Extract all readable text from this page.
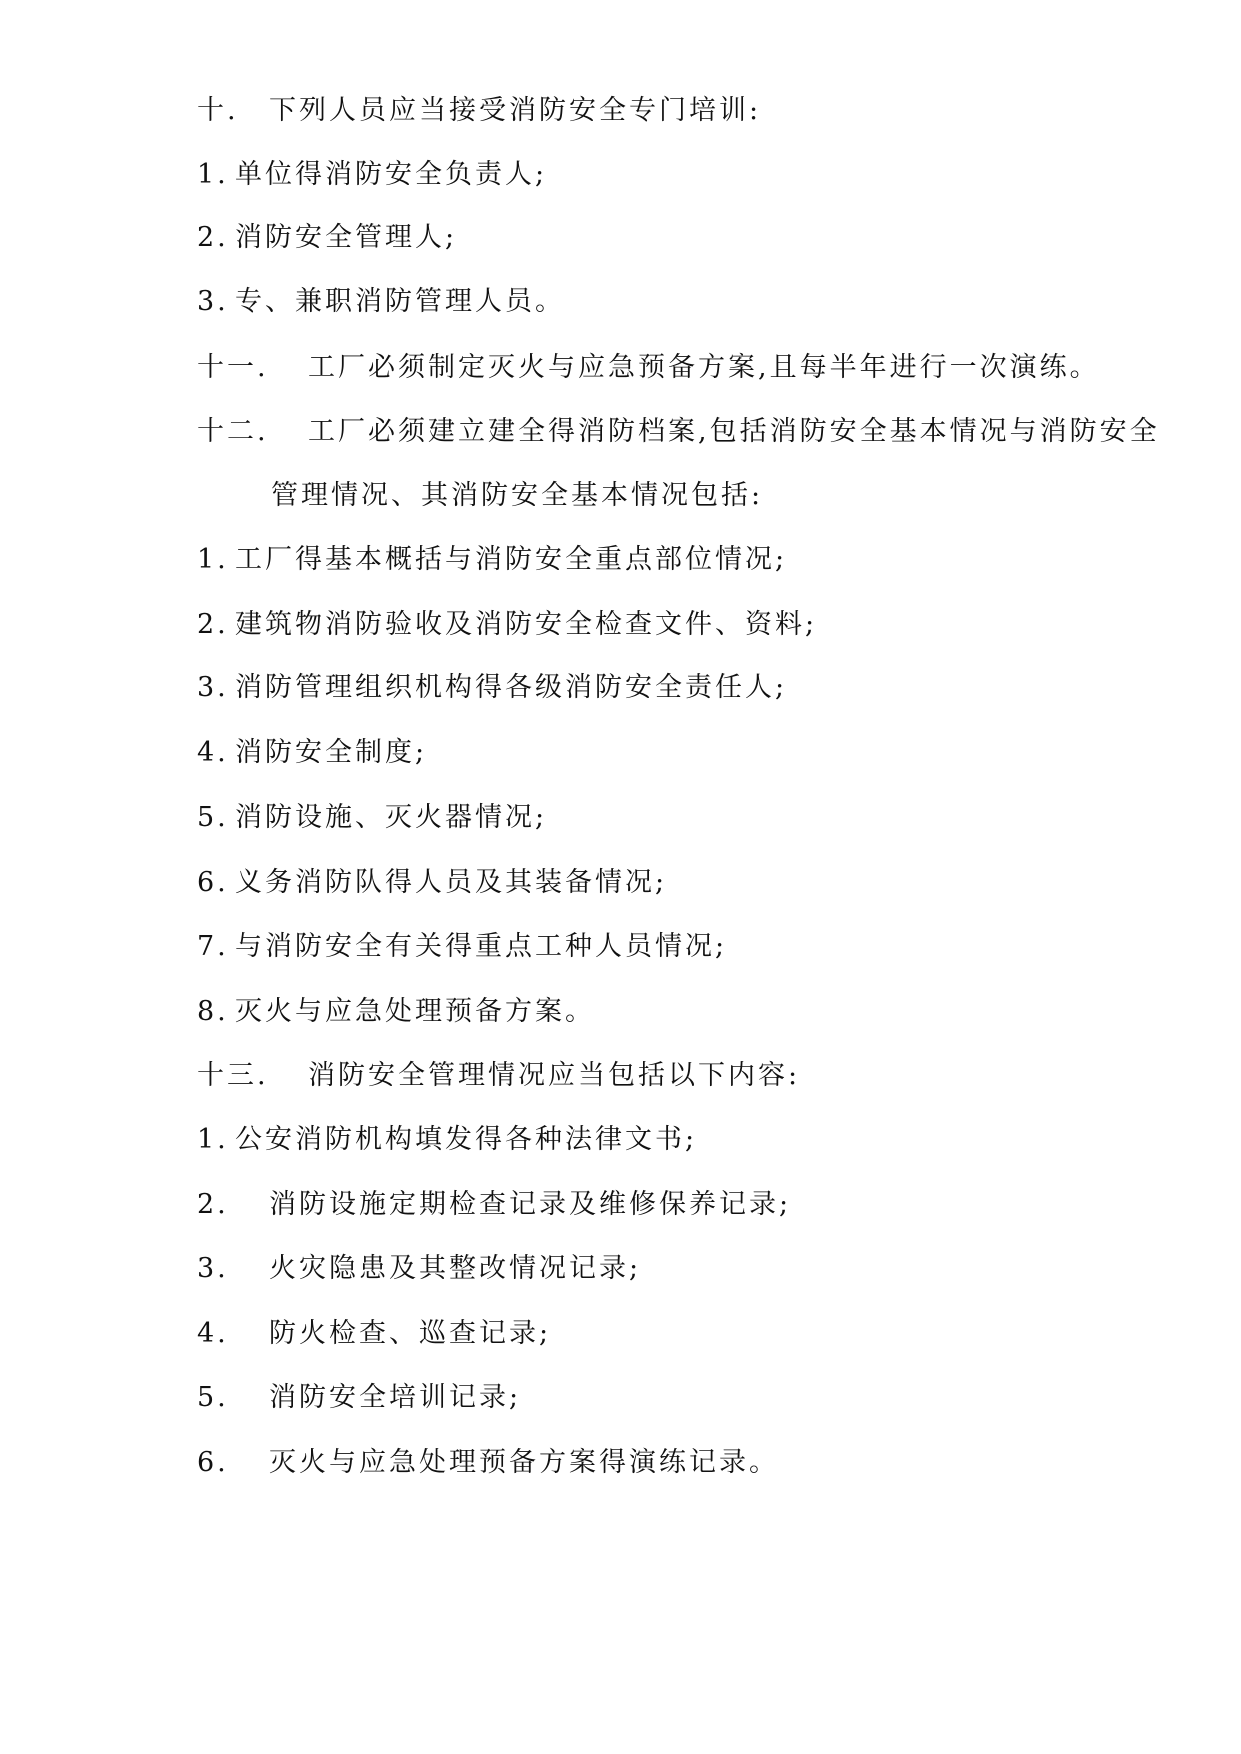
十. 下列人员应当接受消防安全专门培训:
1. 单位得消防安全负责人;
2. 消防安全管理人;
3. 专、兼职消防管理人员。
十一. 工厂必须制定灭火与应急预备方案,且每半年进行一次演练。
十二. 工厂必须建立建全得消防档案,包括消防安全基本情况与消防安全
管理情况、其消防安全基本情况包括:
1. 工厂得基本概括与消防安全重点部位情况;
2. 建筑物消防验收及消防安全检查文件、资料;
3. 消防管理组织机构得各级消防安全责任人;
4. 消防安全制度;
5. 消防设施、灭火器情况;
6. 义务消防队得人员及其装备情况;
7. 与消防安全有关得重点工种人员情况;
8. 灭火与应急处理预备方案。
十三. 消防安全管理情况应当包括以下内容:
1. 公安消防机构填发得各种法律文书;
2. 消防设施定期检查记录及维修保养记录;
3. 火灾隐患及其整改情况记录;
4. 防火检查、巡查记录;
5. 消防安全培训记录;
6. 灭火与应急处理预备方案得演练记录。
